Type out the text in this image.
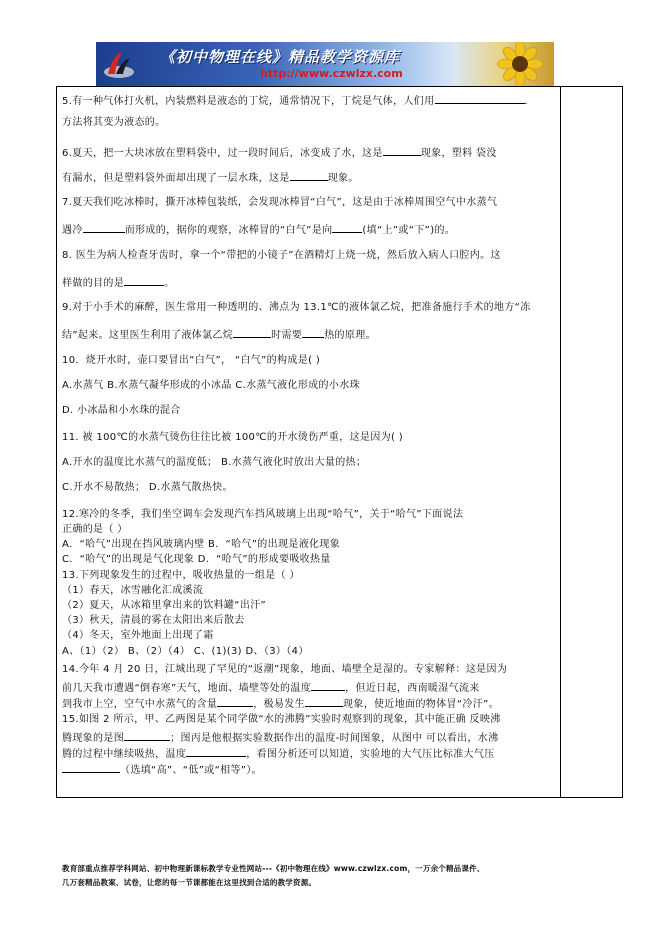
《初中物理在线》精品教学资源库
http://www.czwlzx.com
5.有一种气体打火机，内装燃料是液态的丁烷，通常情况下，丁烷是气体，人们用	.
方法将其变为液态的。
6.夏天，把一大块冰放在塑料袋中，过一段时间后，冰变成了水，这是	现象，塑料 袋没
有漏水，但是塑料袋外面却出现了一层水珠，这是	现象。
7.夏天我们吃冰棒时，撕开冰棒包装纸，会发现冰棒冒“白气”，这是由于冰棒周围空气中水蒸气
遇冷	而形成的，据你的观察，冰棒冒的“白气”是向	(填“上”或“下”)的。
8. 医生为病人检查牙齿时，拿一个“带把的小镜子”在酒精灯上烧一烧，然后放入病人口腔内。这
样做的目的是	。
9.对于小手术的麻醉，医生常用一种透明的、沸点为 13.1℃的液体氯乙烷，把准备施行手术的地方“冻
结”起来。这里医生利用了液体氯乙烷	时需要 热的原理。
10．烧开水时，壶口要冒出“白气”， “白气”的构成是( )
A.水蒸气 B.水蒸气凝华形成的小冰晶 C.水蒸气液化形成的小水珠
D. 小冰晶和小水珠的混合
11. 被 100℃的水蒸气烫伤往往比被 100℃的开水烫伤严重，这是因为( )
A.开水的温度比水蒸气的温度低； B.水蒸气液化时放出大量的热；
C.开水不易散热； D.水蒸气散热快。
12.寒冷的冬季，我们坐空调车会发现汽车挡风玻璃上出现“哈气”，关于“哈气”下面说法
正确的是（ ）
A．“哈气”出现在挡风玻璃内壁 B．“哈气”的出现是液化现象
C．“哈气”的出现是气化现象 D．“哈气”的形成要吸收热量
13.下列现象发生的过程中，吸收热量的一组是（ ）
（1）春天，冰雪融化汇成溪流
（2）夏天，从冰箱里拿出来的饮料罐“出汗”
（3）秋天，清晨的雾在太阳出来后散去
（4）冬天，室外地面上出现了霜
A、（1）（2） B、（2）（4） C、(1)(3) D、（3）（4）
14.今年 4 月 20 日，江城出现了罕见的“返潮”现象，地面、墙壁全是湿的。专家解释：这是因为
前几天我市遭遇“倒春寒”天气，地面、墙壁等处的温度	，但近日起，西南暖湿气流来
到我市上空，空气中水蒸气的含量	，极易发生	现象，使近地面的物体冒“冷汗”。
15.如图 2 所示，甲、乙两图是某个同学做“水的沸腾”实验时观察到的现象，其中能正确 反映沸
腾现象的是图	；图丙是他根据实验数据作出的温度-时间图象，从图中 可以看出，水沸
腾的过程中继续吸热，温度	，看图分析还可以知道，实验地的大气压比标准大气压
（选填“高”、“低”或“相等”）。
教育部重点推荐学科网站、初中物理新课标教学专业性网站---《初中物理在线》www.czwlzx.com，一万余个精品课件、
几万套精品教案、试卷，让您的每一节课都能在这里找到合适的教学资源。
